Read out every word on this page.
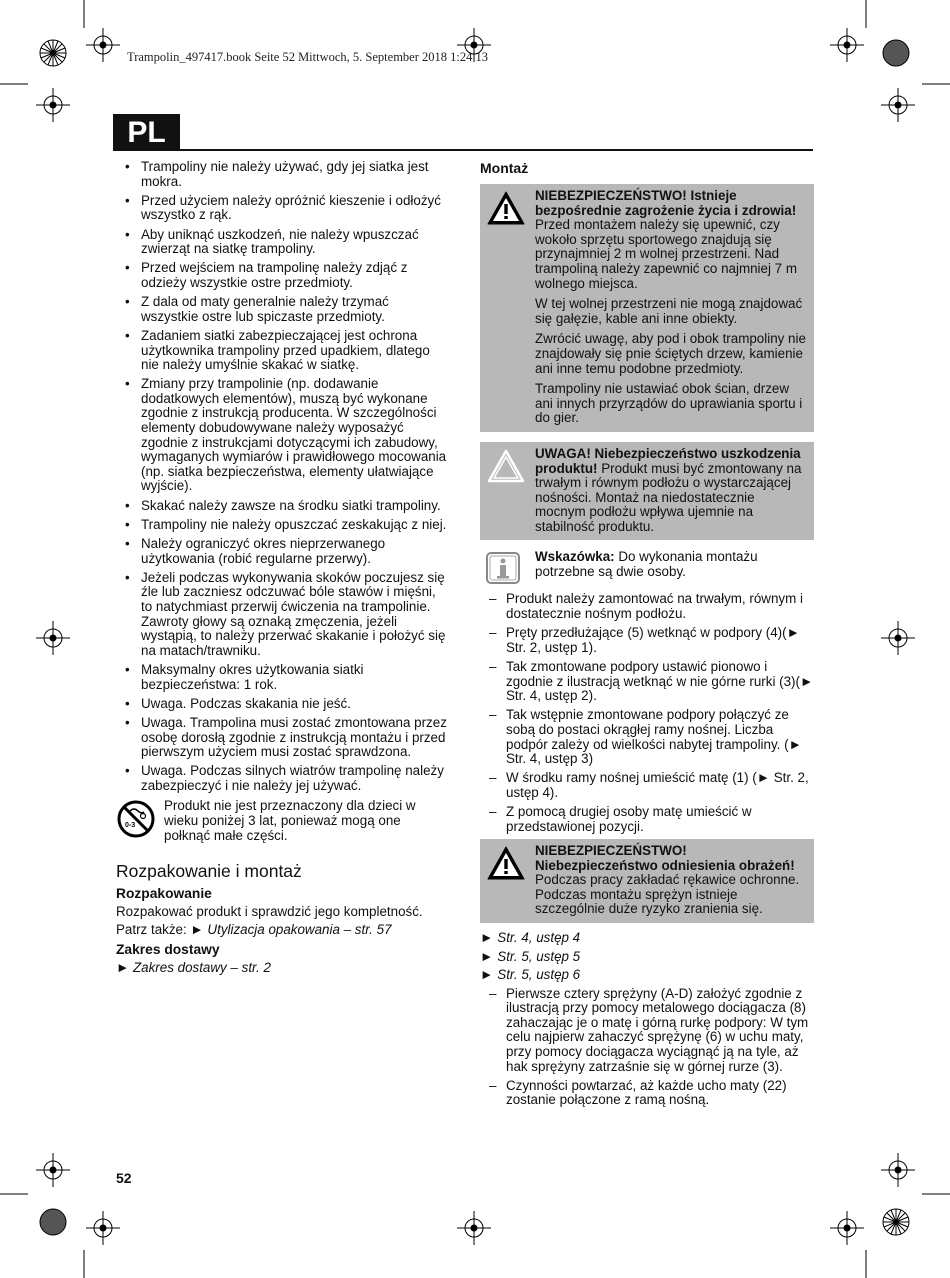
Trampolin_497417.book Seite 52 Mittwoch, 5. September 2018 1:24 13
PL
• Trampoliny nie należy używać, gdy jej siatka jest mokra.
• Przed użyciem należy opróżnić kieszenie i odłożyć wszystko z rąk.
• Aby uniknąć uszkodzeń, nie należy wpuszczać zwierząt na siatkę trampoliny.
• Przed wejściem na trampolinę należy zdjąć z odzieży wszystkie ostre przedmioty.
• Z dala od maty generalnie należy trzymać wszystkie ostre lub spiczaste przedmioty.
• Zadaniem siatki zabezpieczającej jest ochrona użytkownika trampoliny przed upadkiem, dlatego nie należy umyślnie skakać w siatkę.
• Zmiany przy trampolinie (np. dodawanie dodatkowych elementów), muszą być wykonane zgodnie z instrukcją producenta. W szczególności elementy dobudowywane należy wyposażyć zgodnie z instrukcjami dotyczącymi ich zabudowy, wymaganych wymiarów i prawidłowego mocowania (np. siatka bezpieczeństwa, elementy ułatwiające wyjście).
• Skakać należy zawsze na środku siatki trampoliny.
• Trampoliny nie należy opuszczać zeskakując z niej.
• Należy ograniczyć okres nieprzerwanego użytkowania (robić regularne przerwy).
• Jeżeli podczas wykonywania skoków poczujesz się źle lub zaczniesz odczuwać bóle stawów i mięśni, to natychmiast przerwij ćwiczenia na trampolinie. Zawroty głowy są oznaką zmęczenia, jeżeli wystąpią, to należy przerwać skakanie i położyć się na matach/trawniku.
• Maksymalny okres użytkowania siatki bezpieczeństwa: 1 rok.
• Uwaga. Podczas skakania nie jeść.
• Uwaga. Trampolina musi zostać zmontowana przez osobę dorosłą zgodnie z instrukcją montażu i przed pierwszym użyciem musi zostać sprawdzona.
• Uwaga. Podczas silnych wiatrów trampolinę należy zabezpieczyć i nie należy jej używać.
0-3
Produkt nie jest przeznaczony dla dzieci w wieku poniżej 3 lat, ponieważ mogą one połknąć małe części.
Rozpakowanie i montaż
Rozpakowanie

Rozpakować produkt i sprawdzić jego kompletność.

Patrz także: ► Utylizacja opakowania – str. 57

Zakres dostawy

► Zakres dostawy – str. 2

Montaż

NIEBEZPIECZEŃSTWO! Istnieje bezpośrednie zagrożenie życia i zdrowia!
Przed montażem należy się upewnić, czy wokoło sprzętu sportowego znajdują się przynajmniej 2 m wolnej przestrzeni. Nad trampoliną należy zapewnić co najmniej 7 m wolnego miejsca.

W tej wolnej przestrzeni nie mogą znajdować się gałęzie, kable ani inne obiekty.

Zwrócić uwagę, aby pod i obok trampoliny nie znajdowały się pnie ściętych drzew, kamienie ani inne temu podobne przedmioty.

Trampoliny nie ustawiać obok ścian, drzew ani innych przyrządów do uprawiania sportu i do gier.

UWAGA! Niebezpieczeństwo uszkodzenia produktu! Produkt musi być zmontowany na trwałym i równym podłożu o wystarczającej nośności. Montaż na niedostatecznie mocnym podłożu wpływa ujemnie na stabilność produktu.

Wskazówka: Do wykonania montażu potrzebne są dwie osoby.
– Produkt należy zamontować na trwałym, równym i dostatecznie nośnym podłożu.
– Pręty przedłużające (5) wetknąć w podpory (4)(► Str. 2, ustęp 1).
– Tak zmontowane podpory ustawić pionowo i zgodnie z ilustracją wetknąć w nie górne rurki (3)(► Str. 4, ustęp 2).
– Tak wstępnie zmontowane podpory połączyć ze sobą do postaci okrągłej ramy nośnej. Liczba podpór zależy od wielkości nabytej trampoliny. (► Str. 4, ustęp 3)
– W środku ramy nośnej umieścić matę (1) (► Str. 2, ustęp 4).
– Z pomocą drugiej osoby matę umieścić w przedstawionej pozycji.

NIEBEZPIECZEŃSTWO! Niebezpieczeństwo odniesienia obrażeń! Podczas pracy zakładać rękawice ochronne. Podczas montażu sprężyn istnieje szczególnie duże ryzyko zranienia się.

► Str. 4, ustęp 4
► Str. 5, ustęp 5
► Str. 5, ustęp 6
– Pierwsze cztery sprężyny (A-D) założyć zgodnie z ilustracją przy pomocy metalowego dociągacza (8) zahaczając je o matę i górną rurkę podpory: W tym celu najpierw zahaczyć sprężynę (6) w uchu maty, przy pomocy dociągacza wyciągnąć ją na tyle, aż hak sprężyny zatrzaśnie się w górnej rurze (3).
– Czynności powtarzać, aż każde ucho maty (22) zostanie połączone z ramą nośną.
52
